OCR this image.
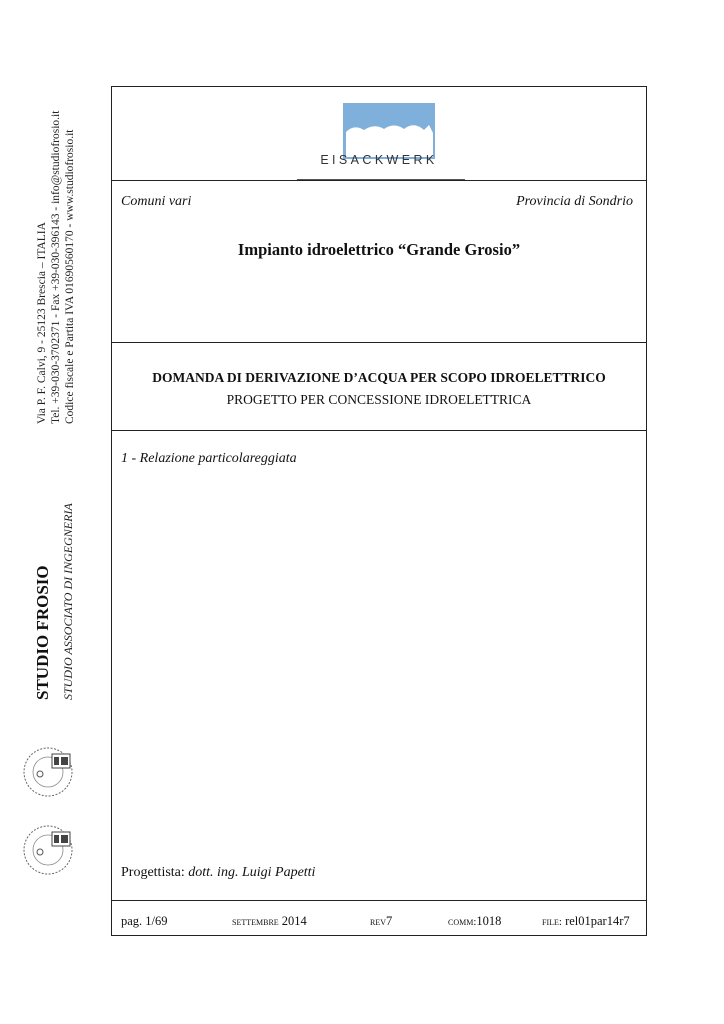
Via P. F. Calvi, 9 - 25123 Brescia – ITALIA Tel. +39-030-3702371 - Fax +39-030-396143 - info@studiofrosio.it Codice fiscale e Partita IVA 01690560170 - www.studiofrosio.it
STUDIO FROSIO STUDIO ASSOCIATO DI INGEGNERIA
EISACKWERK
Comuni vari	Provincia di Sondrio
Impianto idroelettrico “Grande Grosio”
DOMANDA DI DERIVAZIONE D’ACQUA PER SCOPO IDROELETTRICO
PROGETTO PER CONCESSIONE IDROELETTRICA
1 - Relazione particolareggiata
Progettista: dott. ing. Luigi Papetti
pag. 1/69	settembre 2014	rev7	comm:1018	file: rel01par14r7
